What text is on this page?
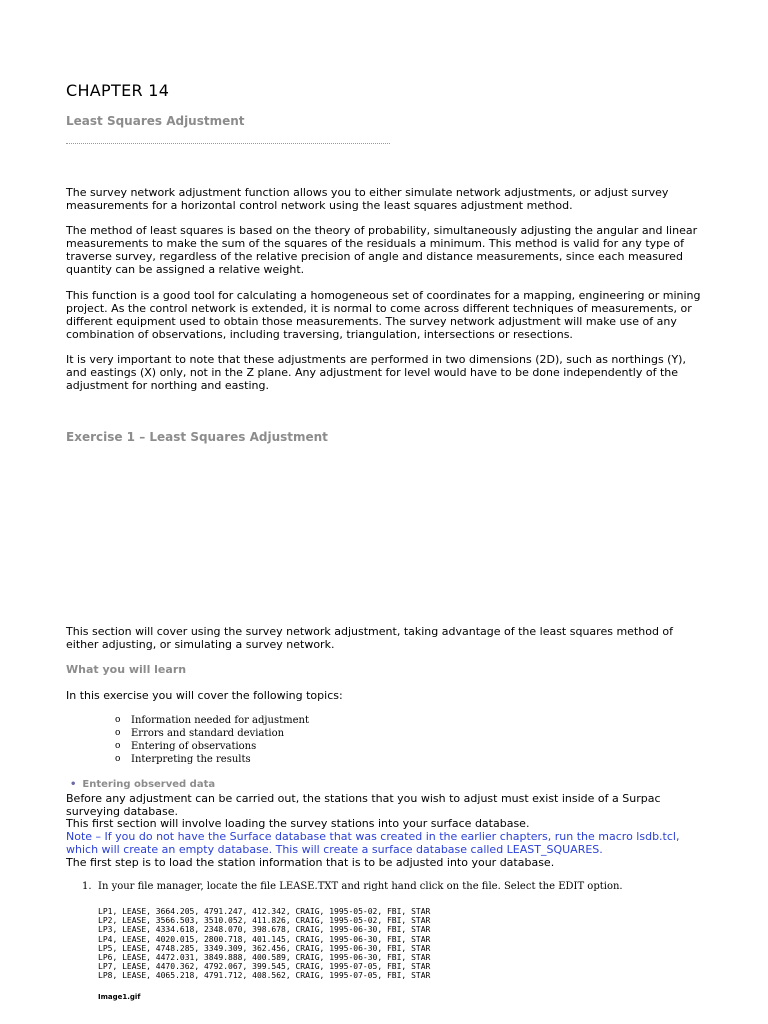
CHAPTER 14
Least Squares Adjustment

The survey network adjustment function allows you to either simulate network adjustments, or adjust survey measurements for a horizontal control network using the least squares adjustment method.

The method of least squares is based on the theory of probability, simultaneously adjusting the angular and linear measurements to make the sum of the squares of the residuals a minimum. This method is valid for any type of traverse survey, regardless of the relative precision of angle and distance measurements, since each measured quantity can be assigned a relative weight.

This function is a good tool for calculating a homogeneous set of coordinates for a mapping, engineering or mining project. As the control network is extended, it is normal to come across different techniques of measurements, or different equipment used to obtain those measurements. The survey network adjustment will make use of any combination of observations, including traversing, triangulation, intersections or resections.

It is very important to note that these adjustments are performed in two dimensions (2D), such as northings (Y), and eastings (X) only, not in the Z plane. Any adjustment for level would have to be done independently of the adjustment for northing and easting.

Exercise 1 – Least Squares Adjustment

This section will cover using the survey network adjustment, taking advantage of the least squares method of either adjusting, or simulating a survey network.

What you will learn

In this exercise you will cover the following topics:

o Information needed for adjustment
o Errors and standard deviation
o Entering of observations
o Interpreting the results
• Entering observed data

Before any adjustment can be carried out, the stations that you wish to adjust must exist inside of a Surpac surveying database.

This first section will involve loading the survey stations into your surface database.

Note – If you do not have the Surface database that was created in the earlier chapters, run the macro lsdb.tcl, which will create an empty database. This will create a surface database called LEAST_SQUARES.

The first step is to load the station information that is to be adjusted into your database.

1. In your file manager, locate the file LEASE.TXT and right hand click on the file. Select the EDIT option.
LP1, LEASE, 3664.205, 4791.247, 412.342, CRAIG, 1995-05-02, FBI, STAR
LP2, LEASE, 3566.503, 3510.052, 411.826, CRAIG, 1995-05-02, FBI, STAR
LP3, LEASE, 4334.618, 2348.070, 398.678, CRAIG, 1995-06-30, FBI, STAR
LP4, LEASE, 4020.015, 2800.718, 401.145, CRAIG, 1995-06-30, FBI, STAR
LP5, LEASE, 4748.285, 3349.309, 362.456, CRAIG, 1995-06-30, FBI, STAR
LP6, LEASE, 4472.031, 3849.888, 400.589, CRAIG, 1995-06-30, FBI, STAR
LP7, LEASE, 4470.362, 4792.067, 399.545, CRAIG, 1995-07-05, FBI, STAR
LP8, LEASE, 4065.218, 4791.712, 408.562, CRAIG, 1995-07-05, FBI, STAR
Image1.gif
